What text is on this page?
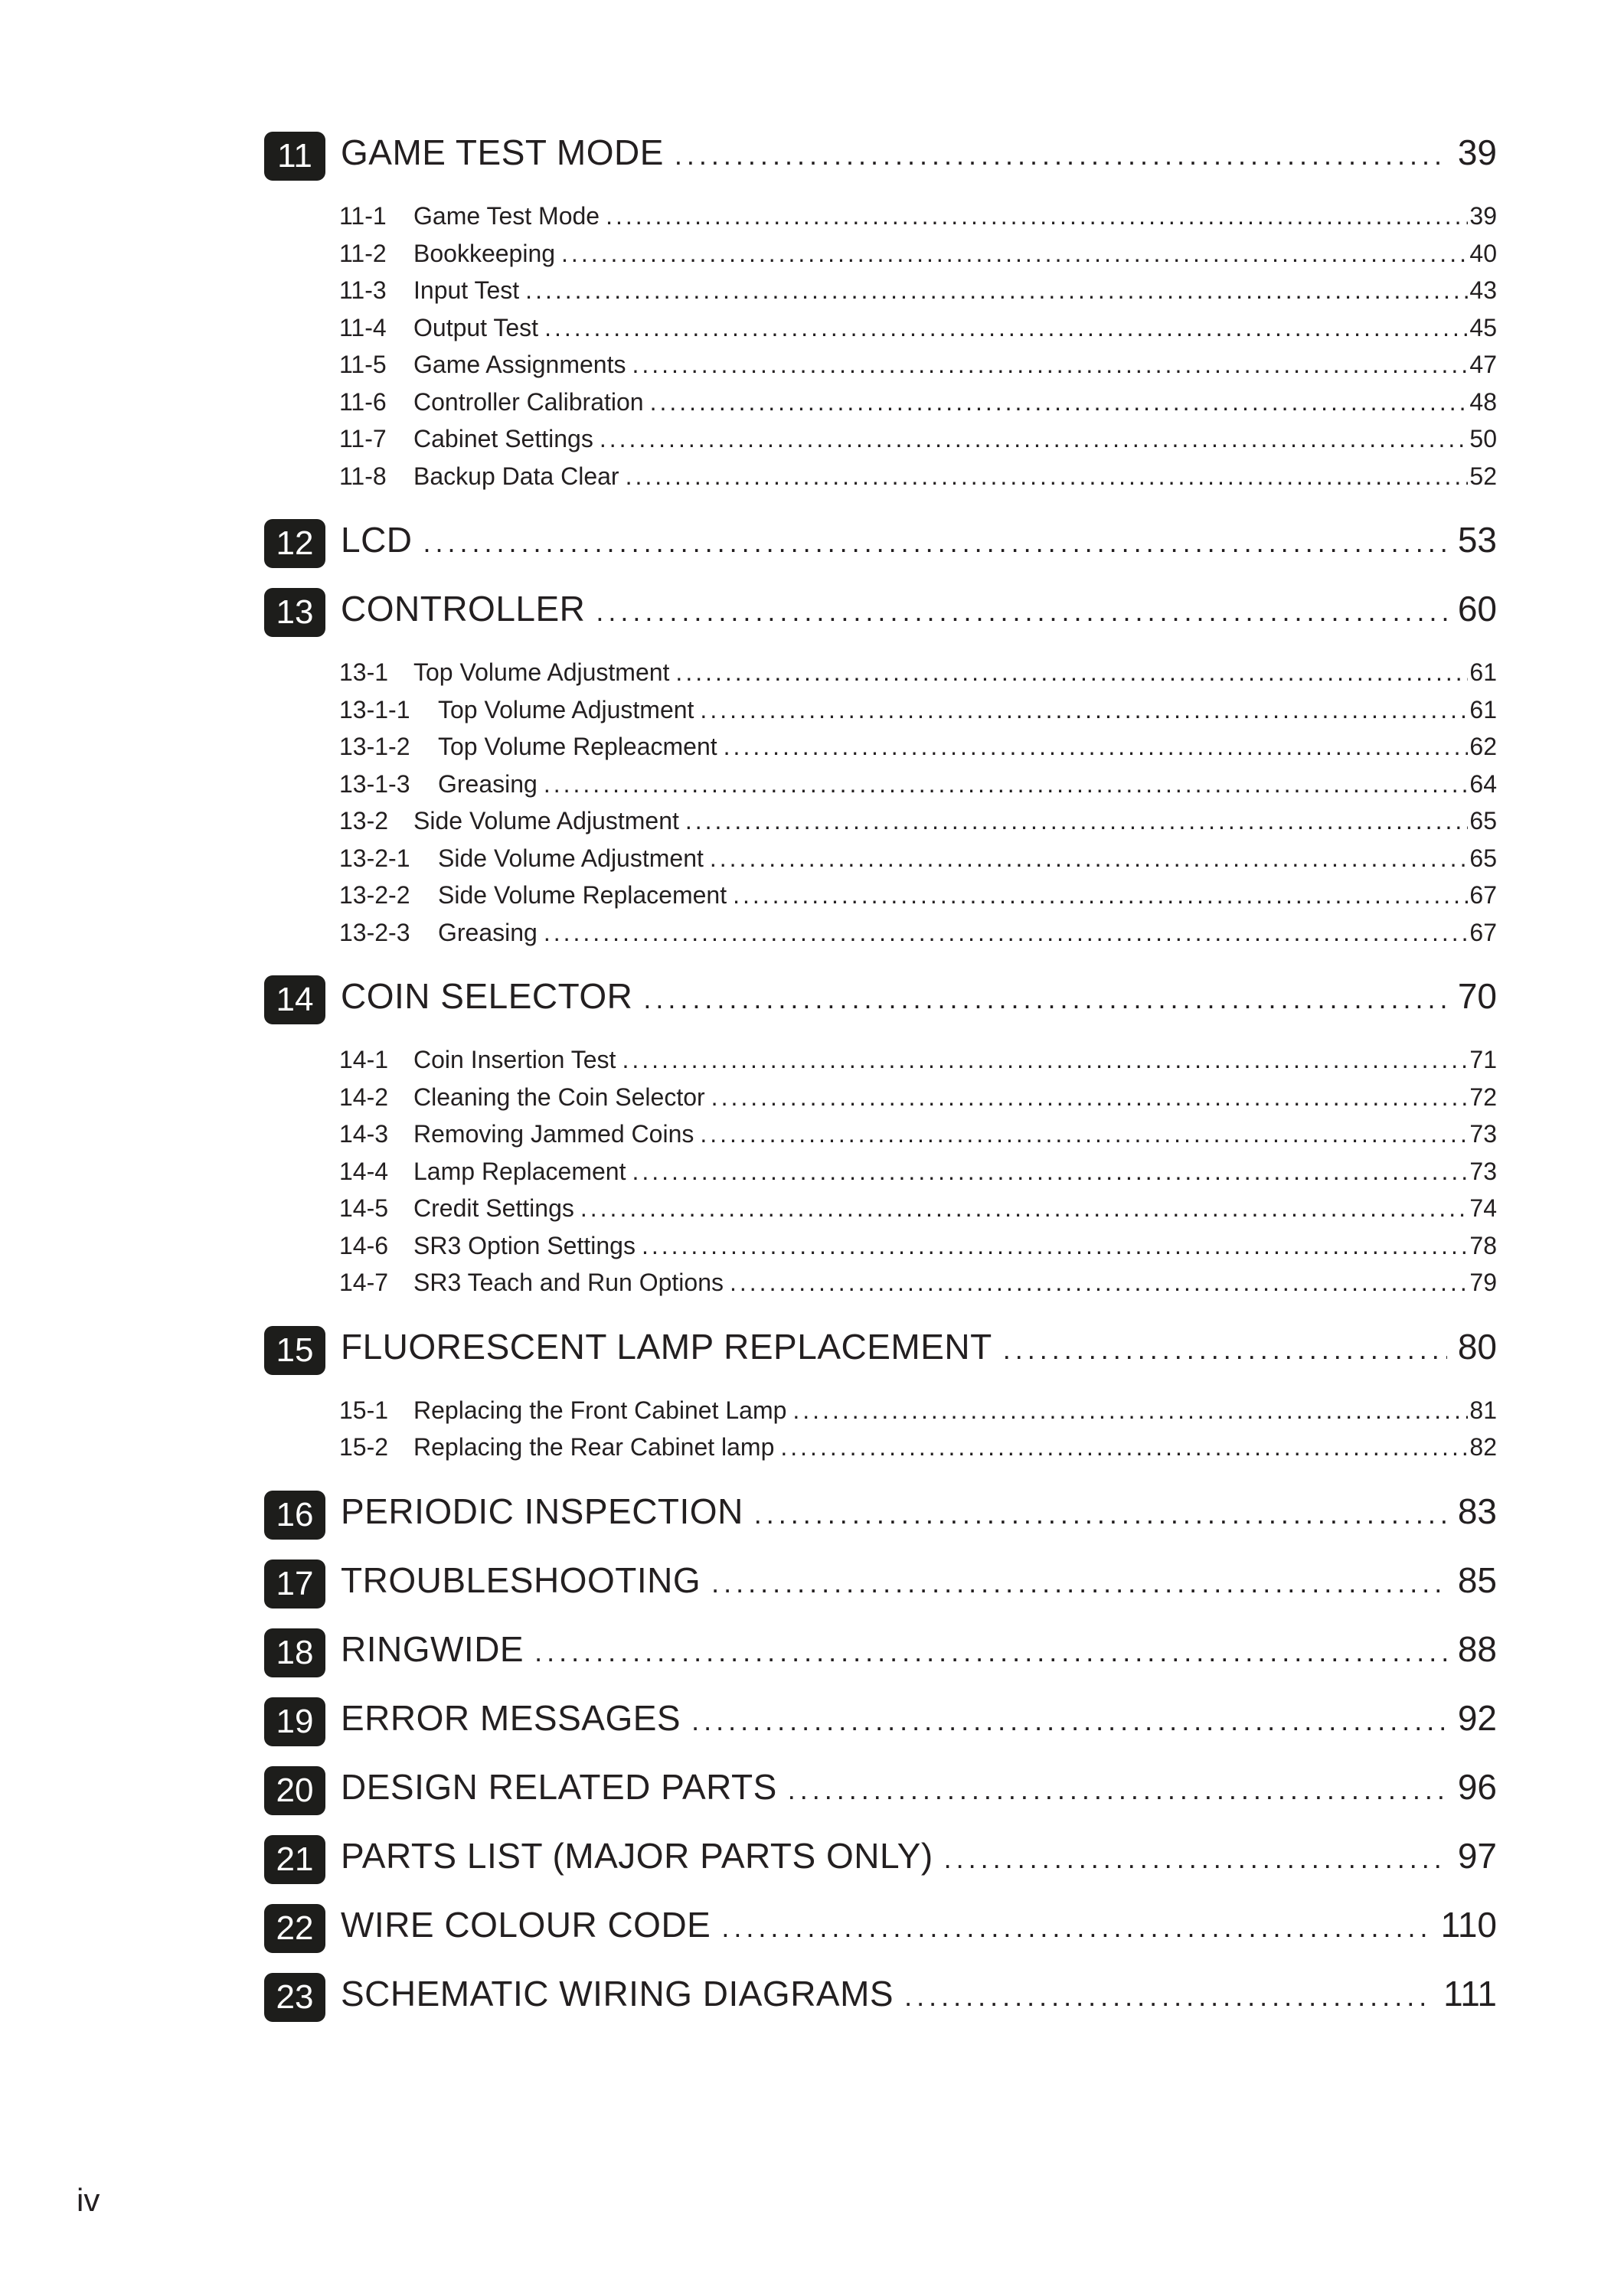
11 GAME TEST MODE .....	39
11-1	Game Test Mode .....	39
11-2	Bookkeeping .....	40
11-3	Input Test .....	43
11-4	Output Test .....	45
11-5	Game Assignments .....	47
11-6	Controller Calibration .....	48
11-7	Cabinet Settings .....	50
11-8	Backup Data Clear .....	52
12 LCD .....	53
13 CONTROLLER .....	60
13-1	Top Volume Adjustment .....	61
13-1-1	Top Volume Adjustment .....	61
13-1-2	Top Volume Repleacment .....	62
13-1-3	Greasing .....	64
13-2	Side Volume Adjustment .....	65
13-2-1	Side Volume Adjustment .....	65
13-2-2	Side Volume Replacement .....	67
13-2-3	Greasing .....	67
14 COIN SELECTOR .....	70
14-1	Coin Insertion Test .....	71
14-2	Cleaning the Coin Selector .....	72
14-3	Removing Jammed Coins .....	73
14-4	Lamp Replacement .....	73
14-5	Credit Settings .....	74
14-6	SR3 Option Settings .....	78
14-7	SR3 Teach and Run Options .....	79
15 FLUORESCENT LAMP REPLACEMENT .....	80
15-1	Replacing the Front Cabinet Lamp .....	81
15-2	Replacing the Rear Cabinet lamp .....	82
16 PERIODIC INSPECTION .....	83
17 TROUBLESHOOTING .....	85
18 RINGWIDE .....	88
19 ERROR MESSAGES .....	92
20 DESIGN RELATED PARTS .....	96
21 PARTS LIST (MAJOR PARTS ONLY) .....	97
22 WIRE COLOUR CODE .....	110
23 SCHEMATIC WIRING DIAGRAMS .....	111
iv
